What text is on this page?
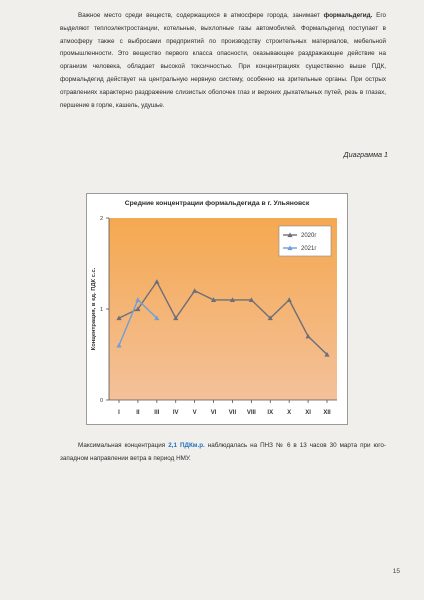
Важное место среди веществ, содержащихся в атмосфере города, занимает формальдегид. Его выделяют теплоэлектростанции, котельные, выхлопные газы автомобилей. Формальдегид поступает в атмосферу также с выбросами предприятий по производству строительных материалов, мебельной промышленности. Это вещество первого класса опасности, оказывающее раздражающее действие на организм человека, обладает высокой токсичностью. При концентрациях существенно выше ПДК, формальдегид действует на центральную нервную систему, особенно на зрительные органы. При острых отравлениях характерно раздражение слизистых оболочек глаз и верхних дыхательных путей, резь в глазах, першение в горле, кашель, удушье.

Диаграмма 1
Средние концентрации формальдегида в г. Ульяновск
0
1
2
I	II III IV V VI VII VIII IX X XI XII
Концентрация, в ед. ПДК с.с.
2020г
2021г

Максимальная концентрация 2,1 ПДКм.р. наблюдалась на ПНЗ № 6 в 13 часов 30 марта при юго-западном направлении ветра в период НМУ.

15
